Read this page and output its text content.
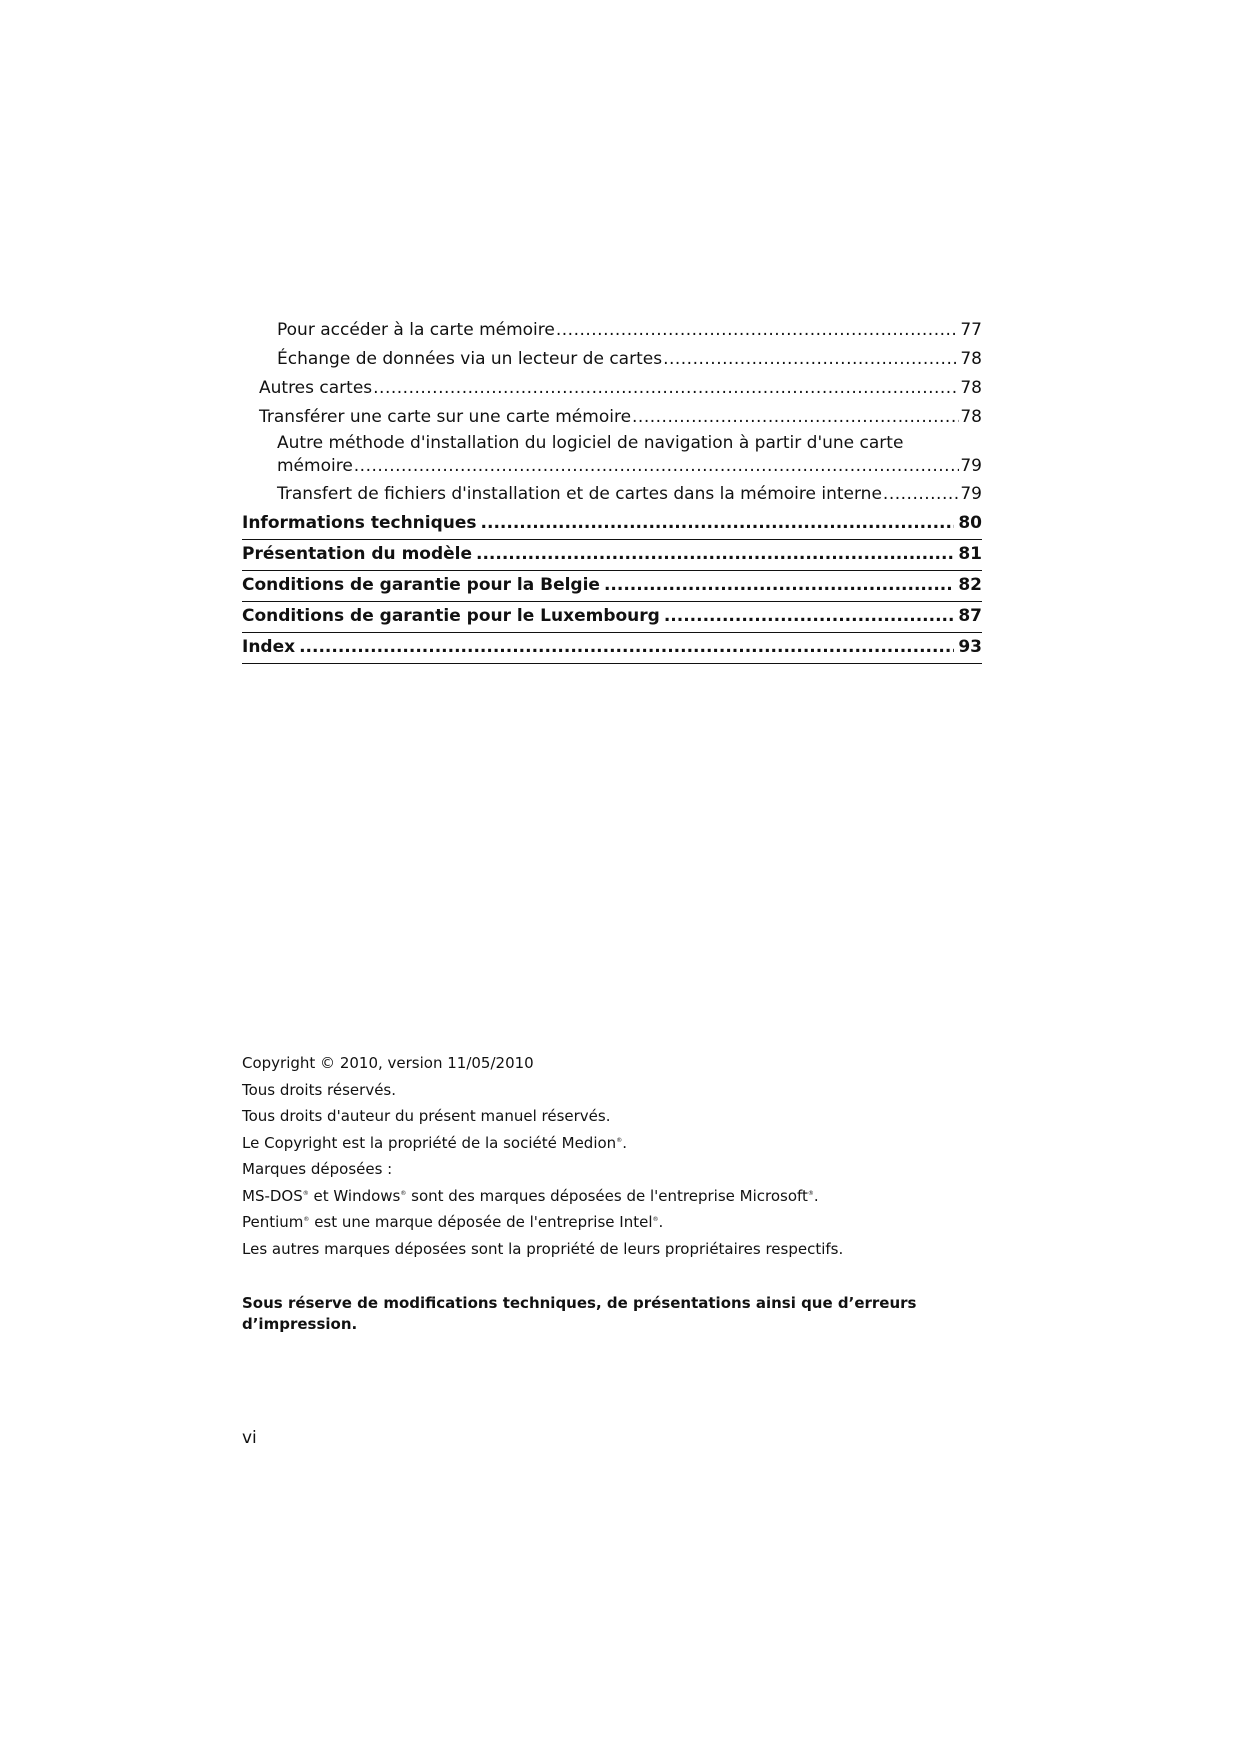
Pour accéder à la carte mémoire .....	77
Échange de données via un lecteur de cartes .....	78
Autres cartes .....	78
Transférer une carte sur une carte mémoire .....	78
Autre méthode d'installation du logiciel de navigation à partir d'une carte
mémoire .....	79
Transfert de fichiers d'installation et de cartes dans la mémoire interne .....	79
Informations techniques .....	80
Présentation du modèle .....	81
Conditions de garantie pour la Belgie .....	82
Conditions de garantie pour le Luxembourg .....	87
Index .....	93

Copyright © 2010, version 11/05/2010

Tous droits réservés.

Tous droits d'auteur du présent manuel réservés.

Le Copyright est la propriété de la société Medion®.

Marques déposées :

MS-DOS® et Windows® sont des marques déposées de l'entreprise Microsoft®.

Pentium® est une marque déposée de l'entreprise Intel®.

Les autres marques déposées sont la propriété de leurs propriétaires respectifs.

Sous réserve de modifications techniques, de présentations ainsi que d’erreurs d’impression.
vi
